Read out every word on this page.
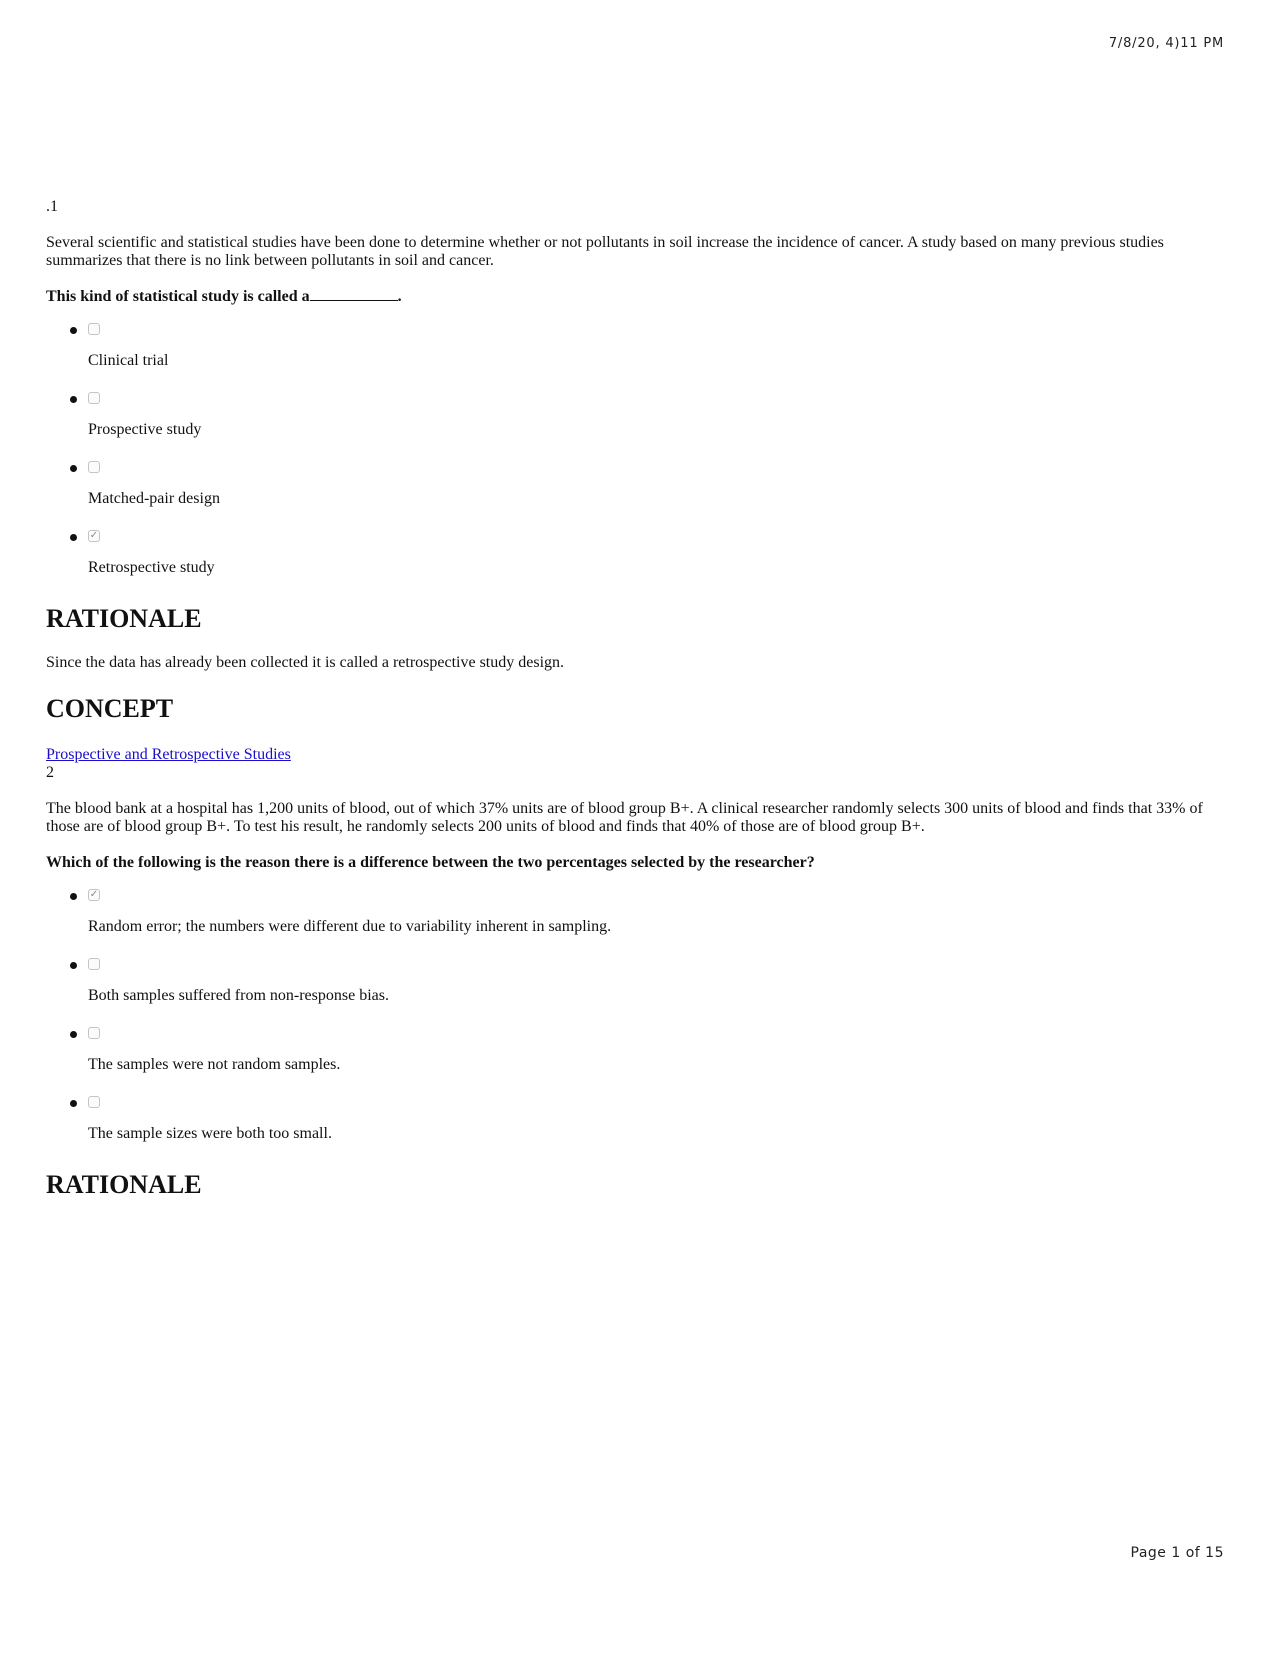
7/8/20, 4)11 PM

.1

Several scientific and statistical studies have been done to determine whether or not pollutants in soil increase the incidence of cancer. A study based on many previous studies summarizes that there is no link between pollutants in soil and cancer.

This kind of statistical study is called a	.

Clinical trial
Prospective study
Matched-pair design
✓
Retrospective study
RATIONALE

Since the data has already been collected it is called a retrospective study design.

CONCEPT
Prospective and Retrospective Studies

2

The blood bank at a hospital has 1,200 units of blood, out of which 37% units are of blood group B+. A clinical researcher randomly selects 300 units of blood and finds that 33% of those are of blood group B+. To test his result, he randomly selects 200 units of blood and finds that 40% of those are of blood group B+.

Which of the following is the reason there is a difference between the two percentages selected by the researcher?

✓
Random error; the numbers were different due to variability inherent in sampling.
Both samples suffered from non-response bias.
The samples were not random samples.
The sample sizes were both too small.
RATIONALE
Page 1 of 15
